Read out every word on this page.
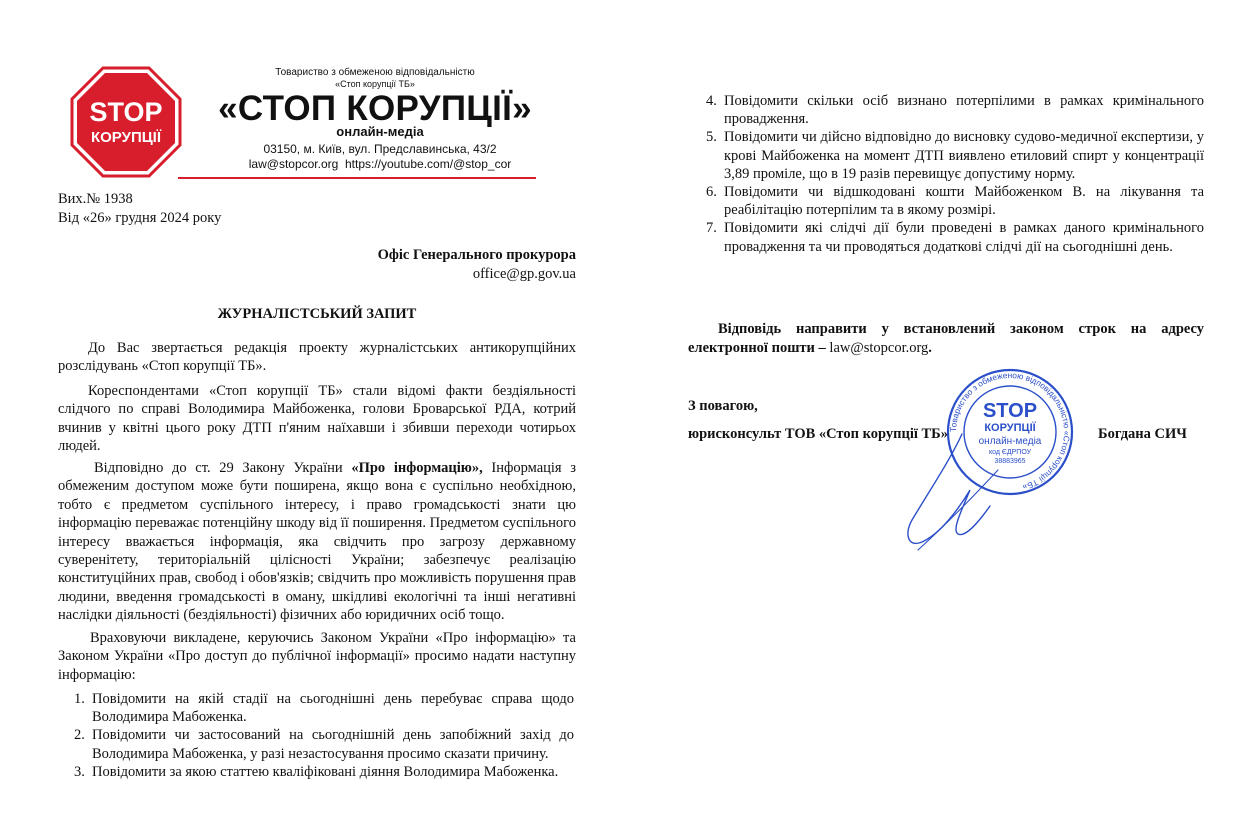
STOP
КОРУПЦІЇ
Товариство з обмеженою відповідальністю
«Стоп корупції ТБ»
«СТОП КОРУПЦІЇ»
онлайн-медіа
03150, м. Київ, вул. Предславинська, 43/2
law@stopcor.org https://youtube.com/@stop_cor
Вих.№ 1938
Від «26» грудня 2024 року
Офіс Генерального прокурора
office@gp.gov.ua
ЖУРНАЛІСТСЬКИЙ ЗАПИТ
До Вас звертається редакція проекту журналістських антикорупційних розслідувань «Стоп корупції ТБ».
Кореспондентами «Стоп корупції ТБ» стали відомі факти бездіяльності слідчого по справі Володимира Майбоженка, голови Броварської РДА, котрий вчинив у квітні цього року ДТП п'яним наїхавши і збивши переходи чотирьох людей.
Відповідно до ст. 29 Закону України «Про інформацію», Інформація з обмеженим доступом може бути поширена, якщо вона є суспільно необхідною, тобто є предметом суспільного інтересу, і право громадськості знати цю інформацію переважає потенційну шкоду від її поширення. Предметом суспільного інтересу вважається інформація, яка свідчить про загрозу державному суверенітету, територіальній цілісності України; забезпечує реалізацію конституційних прав, свобод і обов'язків; свідчить про можливість порушення прав людини, введення громадськості в оману, шкідливі екологічні та інші негативні наслідки діяльності (бездіяльності) фізичних або юридичних осіб тощо.
Враховуючи викладене, керуючись Законом України «Про інформацію» та Законом України «Про доступ до публічної інформації» просимо надати наступну інформацію:
1. Повідомити на якій стадії на сьогоднішні день перебуває справа щодо Володимира Мабоженка.
2. Повідомити чи застосований на сьогоднішній день запобіжний захід до Володимира Мабоженка, у разі незастосування просимо сказати причину.
3. Повідомити за якою статтею кваліфіковані діяння Володимира Мабоженка.
4. Повідомити скільки осіб визнано потерпілими в рамках кримінального провадження.
5. Повідомити чи дійсно відповідно до висновку судово-медичної експертизи, у крові Майбоженка на момент ДТП виявлено етиловий спирт у концентрації 3,89 проміле, що в 19 разів перевищує допустиму норму.
6. Повідомити чи відшкодовані кошти Майбоженком В. на лікування та реабілітацію потерпілим та в якому розмірі.
7. Повідомити які слідчі дії були проведені в рамках даного кримінального провадження та чи проводяться додаткові слідчі дії на сьогоднішні день.
Відповідь направити у встановлений законом строк на адресу електронної пошти – law@stopcor.org.
З повагою,
юрисконсульт ТОВ «Стоп корупції ТБ»	Богдана СИЧ
Товариство з обмеженою відповідальністю «Стоп корупції ТБ»
STOP
КОРУПЦІЇ
онлайн-медіа
код ЄДРПОУ
38883965
